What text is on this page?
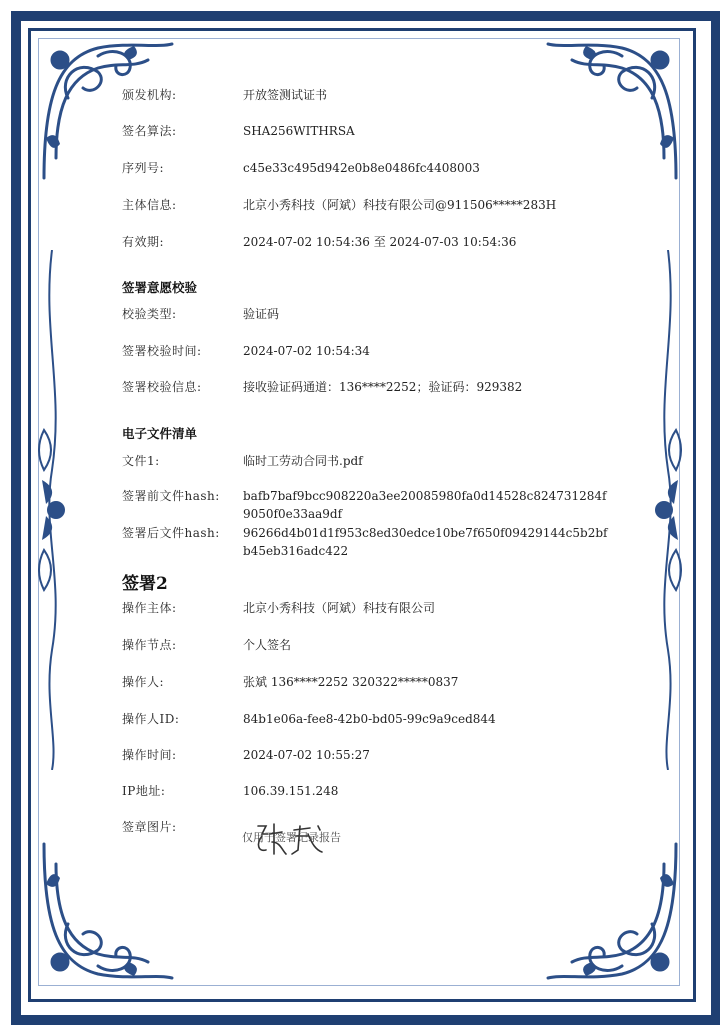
颁发机构:	开放签测试证书
签名算法:	SHA256WITHRSA
序列号:	c45e33c495d942e0b8e0486fc4408003
主体信息:	北京小秀科技（阿斌）科技有限公司@911506*****283H
有效期:	2024-07-02 10:54:36 至 2024-07-03 10:54:36
签署意愿校验
校验类型:	验证码
签署校验时间:	2024-07-02 10:54:34
签署校验信息:	接收验证码通道：136****2252；验证码：929382
电子文件清单
文件1:	临时工劳动合同书.pdf
签署前文件hash:	bafb7baf9bcc908220a3ee20085980fa0d14528c824731284f9050f0e33aa9df
签署后文件hash:	96266d4b01d1f953c8ed30edce10be7f650f09429144c5b2bfb45eb316adc422
签署2
操作主体:	北京小秀科技（阿斌）科技有限公司
操作节点:	个人签名
操作人:	张斌 136****2252 320322*****0837
操作人ID:	84b1e06a-fee8-42b0-bd05-99c9a9ced844
操作时间:	2024-07-02 10:55:27
IP地址:	106.39.151.248
签章图片:
仅用于签署记录报告
